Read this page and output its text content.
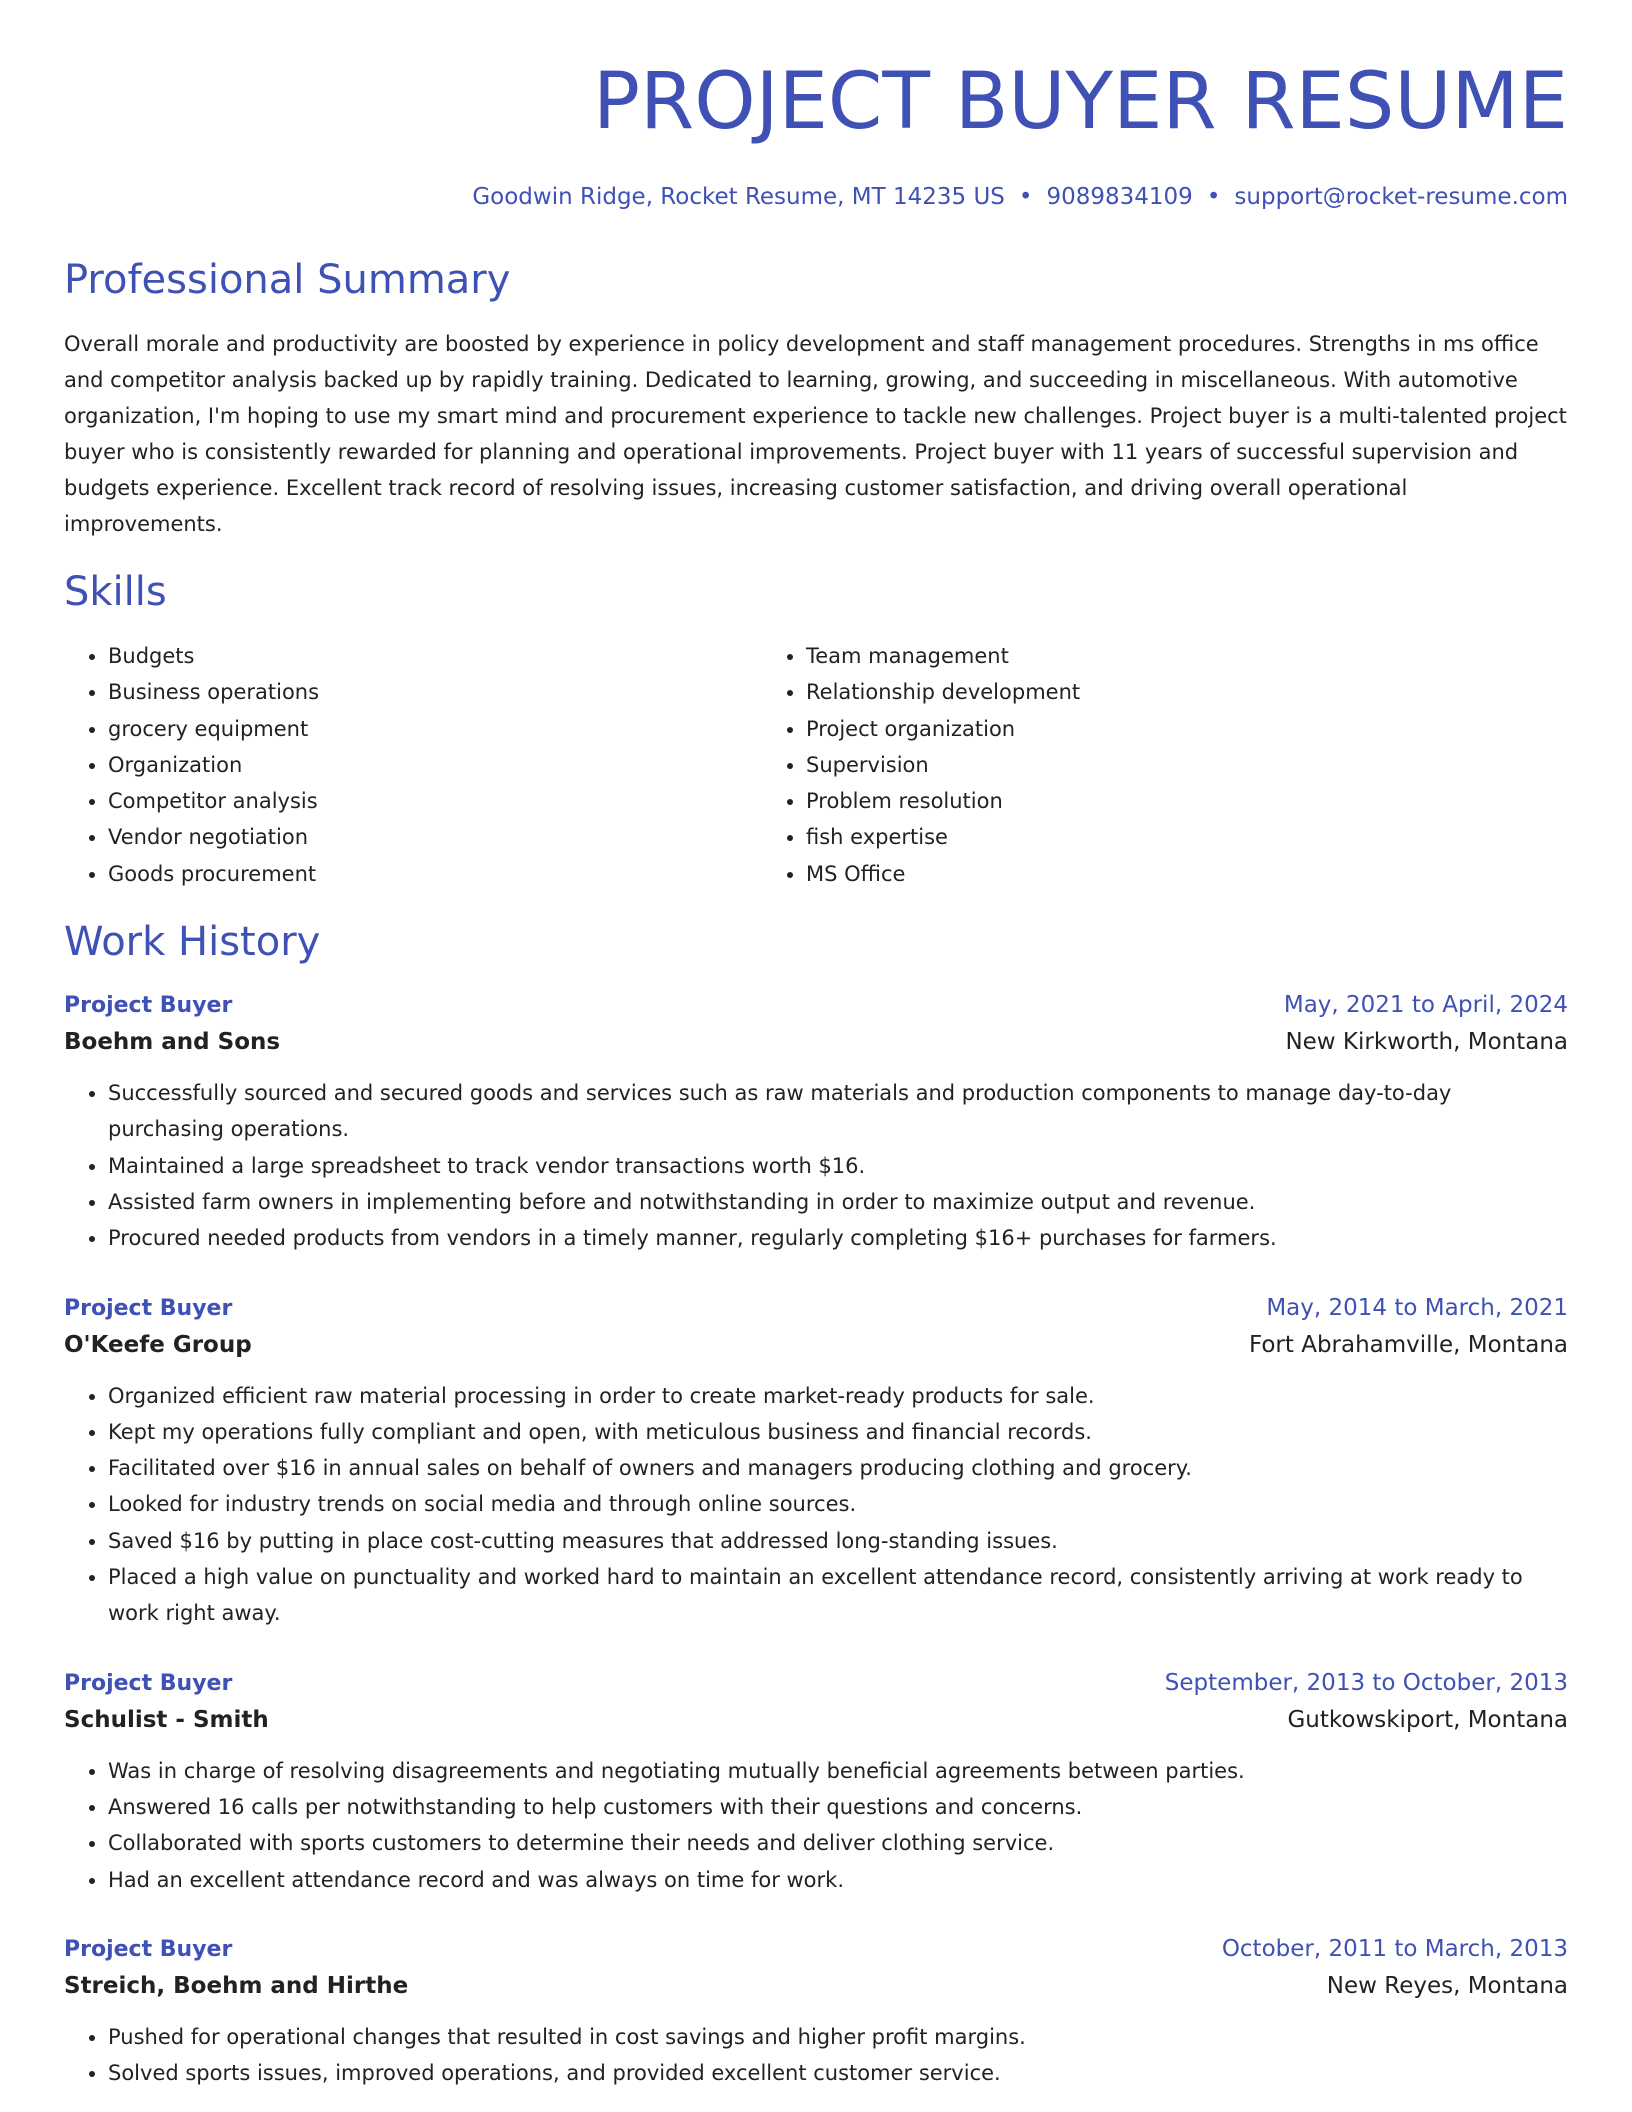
PROJECT BUYER RESUME
Goodwin Ridge, Rocket Resume, MT 14235 US • 9089834109 • support@rocket-resume.com
Professional Summary
Overall morale and productivity are boosted by experience in policy development and staff management procedures. Strengths in ms office and competitor analysis backed up by rapidly training. Dedicated to learning, growing, and succeeding in miscellaneous. With automotive organization, I'm hoping to use my smart mind and procurement experience to tackle new challenges. Project buyer is a multi-talented project buyer who is consistently rewarded for planning and operational improvements. Project buyer with 11 years of successful supervision and budgets experience. Excellent track record of resolving issues, increasing customer satisfaction, and driving overall operational improvements.
Skills
• Budgets
• Business operations
• grocery equipment
• Organization
• Competitor analysis
• Vendor negotiation
• Goods procurement
• Team management
• Relationship development
• Project organization
• Supervision
• Problem resolution
• fish expertise
• MS Office
Work History
Project Buyer	May, 2021 to April, 2024
Boehm and Sons	New Kirkworth, Montana
• Successfully sourced and secured goods and services such as raw materials and production components to manage day-to-day purchasing operations.
• Maintained a large spreadsheet to track vendor transactions worth $16.
• Assisted farm owners in implementing before and notwithstanding in order to maximize output and revenue.
• Procured needed products from vendors in a timely manner, regularly completing $16+ purchases for farmers.
Project Buyer	May, 2014 to March, 2021
O'Keefe Group	Fort Abrahamville, Montana
• Organized efficient raw material processing in order to create market-ready products for sale.
• Kept my operations fully compliant and open, with meticulous business and financial records.
• Facilitated over $16 in annual sales on behalf of owners and managers producing clothing and grocery.
• Looked for industry trends on social media and through online sources.
• Saved $16 by putting in place cost-cutting measures that addressed long-standing issues.
• Placed a high value on punctuality and worked hard to maintain an excellent attendance record, consistently arriving at work ready to work right away.
Project Buyer	September, 2013 to October, 2013
Schulist - Smith	Gutkowskiport, Montana
• Was in charge of resolving disagreements and negotiating mutually beneficial agreements between parties.
• Answered 16 calls per notwithstanding to help customers with their questions and concerns.
• Collaborated with sports customers to determine their needs and deliver clothing service.
• Had an excellent attendance record and was always on time for work.
Project Buyer	October, 2011 to March, 2013
Streich, Boehm and Hirthe	New Reyes, Montana
• Pushed for operational changes that resulted in cost savings and higher profit margins.
• Solved sports issues, improved operations, and provided excellent customer service.
